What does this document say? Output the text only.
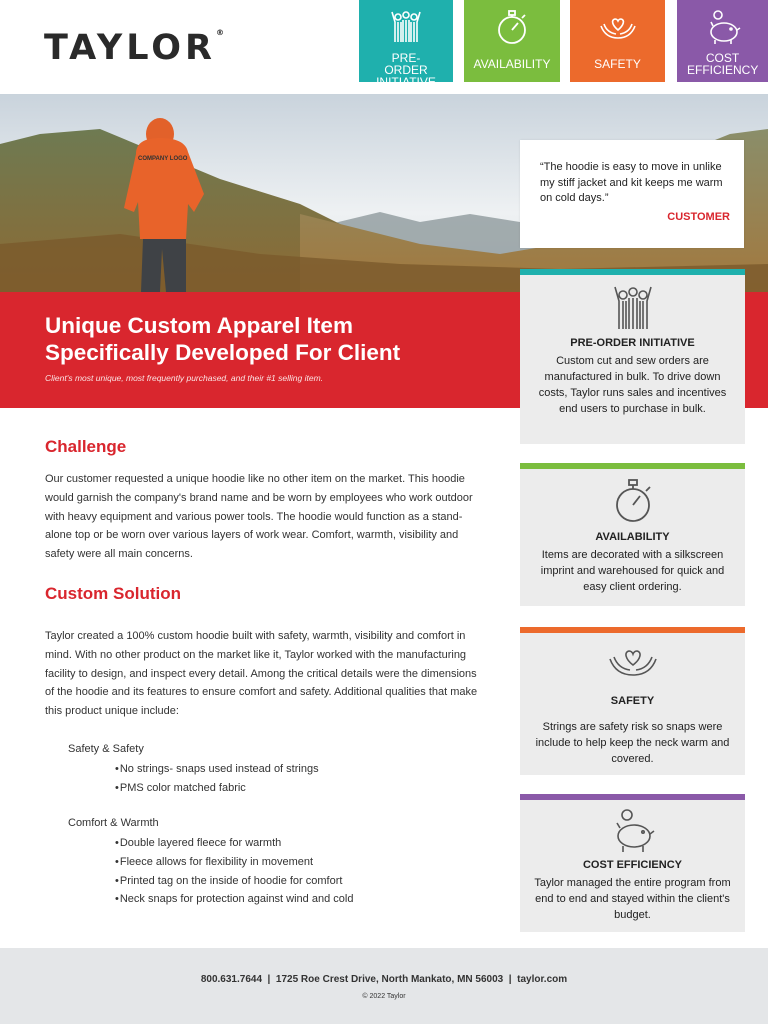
TAYLOR®
PRE-ORDER INITIATIVE
AVAILABILITY	SAFETY	COST EFFICIENCY
COMPANY LOGO
Unique Custom Apparel Item Specifically Developed For Client
Client's most unique, most frequently purchased, and their #1 selling item.

“The hoodie is easy to move in unlike my stiff jacket and kit keeps me warm on cold days.”

CUSTOMER
PRE-ORDER INITIATIVE
Custom cut and sew orders are manufactured in bulk. To drive down costs, Taylor runs sales and incentives end users to purchase in bulk.
AVAILABILITY
Items are decorated with a silkscreen imprint and warehoused for quick and easy client ordering.
SAFETY
Strings are safety risk so snaps were include to help keep the neck warm and covered.
COST EFFICIENCY
Taylor managed the entire program from end to end and stayed within the client's budget.
Challenge
Our customer requested a unique hoodie like no other item on the market. This hoodie would garnish the company's brand name and be worn by employees who work outdoor with heavy equipment and various power tools. The hoodie would function as a stand-alone top or be worn over various layers of work wear. Comfort, warmth, visibility and safety were all main concerns.
Custom Solution
Taylor created a 100% custom hoodie built with safety, warmth, visibility and comfort in mind. With no other product on the market like it, Taylor worked with the manufacturing facility to design, and inspect every detail. Among the critical details were the dimensions of the hoodie and its features to ensure comfort and safety. Additional qualities that make this product unique include:
Safety & Safety
• No strings- snaps used instead of strings
• PMS color matched fabric
Comfort & Warmth
• Double layered fleece for warmth
• Fleece allows for flexibility in movement
• Printed tag on the inside of hoodie for comfort
• Neck snaps for protection against wind and cold
800.631.7644  |  1725 Roe Crest Drive, North Mankato, MN 56003  |  taylor.com
© 2022 Taylor
